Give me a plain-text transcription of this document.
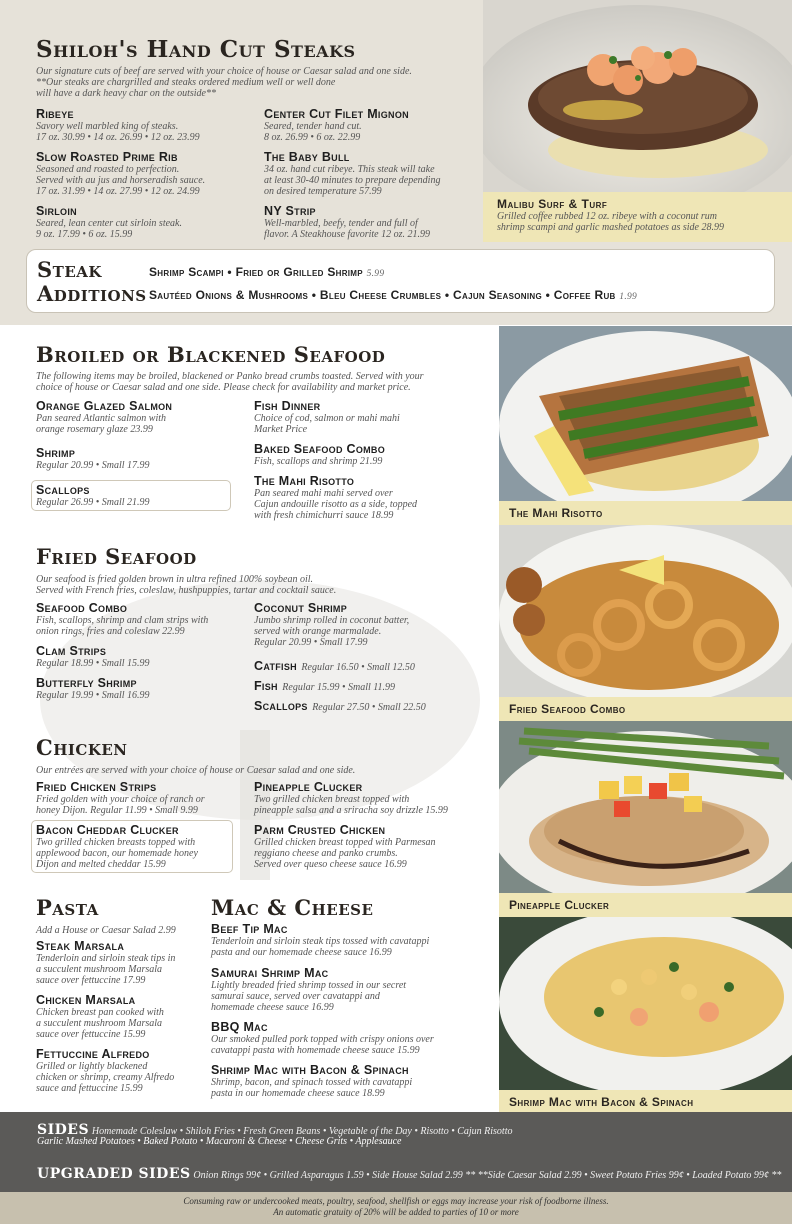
Shiloh's Hand Cut Steaks
Our signature cuts of beef are served with your choice of house or Caesar salad and one side.
**Our steaks are chargrilled and steaks ordered medium well or well done
will have a dark heavy char on the outside**
Ribeye
Savory well marbled king of steaks.
17 oz. 30.99 • 14 oz. 26.99 • 12 oz. 23.99
Slow Roasted Prime Rib
Seasoned and roasted to perfection.
Served with au jus and horseradish sauce.
17 oz. 31.99 • 14 oz. 27.99 • 12 oz. 24.99
Sirloin
Seared, lean center cut sirloin steak.
9 oz. 17.99 • 6 oz. 15.99
Center Cut Filet Mignon
Seared, tender hand cut.
8 oz. 26.99 • 6 oz. 22.99
The Baby Bull
34 oz. hand cut ribeye. This steak will take
at least 30-40 minutes to prepare depending
on desired temperature 57.99
NY Strip
Well-marbled, beefy, tender and full of
flavor. A Steakhouse favorite 12 oz. 21.99
Malibu Surf & Turf
Grilled coffee rubbed 12 oz. ribeye with a coconut rum
shrimp scampi and garlic mashed potatoes as side 28.99
Steak
Additions
Shrimp Scampi • Fried or Grilled Shrimp 5.99
Sautéed Onions & Mushrooms • Bleu Cheese Crumbles • Cajun Seasoning • Coffee Rub 1.99
Broiled or Blackened Seafood
The following items may be broiled, blackened or Panko bread crumbs toasted. Served with your
choice of house or Caesar salad and one side. Please check for availability and market price.
Orange Glazed Salmon
Pan seared Atlantic salmon with
orange rosemary glaze 23.99
Shrimp
Regular 20.99 • Small 17.99
Scallops
Regular 26.99 • Small 21.99
Fish Dinner
Choice of cod, salmon or mahi mahi
Market Price
Baked Seafood Combo
Fish, scallops and shrimp 21.99
The Mahi Risotto
Pan seared mahi mahi served over
Cajun andouille risotto as a side, topped
with fresh chimichurri sauce 18.99
Fried Seafood
Our seafood is fried golden brown in ultra refined 100% soybean oil.
Served with French fries, coleslaw, hushpuppies, tartar and cocktail sauce.
Seafood Combo
Fish, scallops, shrimp and clam strips with
onion rings, fries and coleslaw 22.99
Clam Strips
Regular 18.99 • Small 15.99
Butterfly Shrimp
Regular 19.99 • Small 16.99
Coconut Shrimp
Jumbo shrimp rolled in coconut batter,
served with orange marmalade.
Regular 20.99 • Small 17.99
Catfish Regular 16.50 • Small 12.50
Fish Regular 15.99 • Small 11.99
Scallops Regular 27.50 • Small 22.50
Chicken
Our entrées are served with your choice of house or Caesar salad and one side.
Fried Chicken Strips
Fried golden with your choice of ranch or
honey Dijon. Regular 11.99 • Small 9.99
Bacon Cheddar Clucker
Two grilled chicken breasts topped with
applewood bacon, our homemade honey
Dijon and melted cheddar 15.99
Pineapple Clucker
Two grilled chicken breast topped with
pineapple salsa and a sriracha soy drizzle 15.99
Parm Crusted Chicken
Grilled chicken breast topped with Parmesan
reggiano cheese and panko crumbs.
Served over queso cheese sauce 16.99
Pasta
Add a House or Caesar Salad 2.99
Steak Marsala
Tenderloin and sirloin steak tips in
a succulent mushroom Marsala
sauce over fettuccine 17.99
Chicken Marsala
Chicken breast pan cooked with
a succulent mushroom Marsala
sauce over fettuccine 15.99
Fettuccine Alfredo
Grilled or lightly blackened
chicken or shrimp, creamy Alfredo
sauce and fettuccine 15.99
Mac & Cheese
Beef Tip Mac
Tenderloin and sirloin steak tips tossed with cavatappi
pasta and our homemade cheese sauce 16.99
Samurai Shrimp Mac
Lightly breaded fried shrimp tossed in our secret
samurai sauce, served over cavatappi and
homemade cheese sauce 16.99
BBQ Mac
Our smoked pulled pork topped with crispy onions over
cavatappi pasta with homemade cheese sauce 15.99
Shrimp Mac with Bacon & Spinach
Shrimp, bacon, and spinach tossed with cavatappi
pasta in our homemade cheese sauce 18.99
The Mahi Risotto
Fried Seafood Combo
Pineapple Clucker
Shrimp Mac with Bacon & Spinach
SIDES Homemade Coleslaw • Shiloh Fries • Fresh Green Beans • Vegetable of the Day • Risotto • Cajun Risotto
Garlic Mashed Potatoes • Baked Potato • Macaroni & Cheese • Cheese Grits • Applesauce
UPGRADED SIDES Onion Rings 99¢ • Grilled Asparagus 1.59 • Side House Salad 2.99 ** **Side Caesar Salad 2.99 • Sweet Potato Fries 99¢ • Loaded Potato 99¢ **
Consuming raw or undercooked meats, poultry, seafood, shellfish or eggs may increase your risk of foodborne illness.
An automatic gratuity of 20% will be added to parties of 10 or more
